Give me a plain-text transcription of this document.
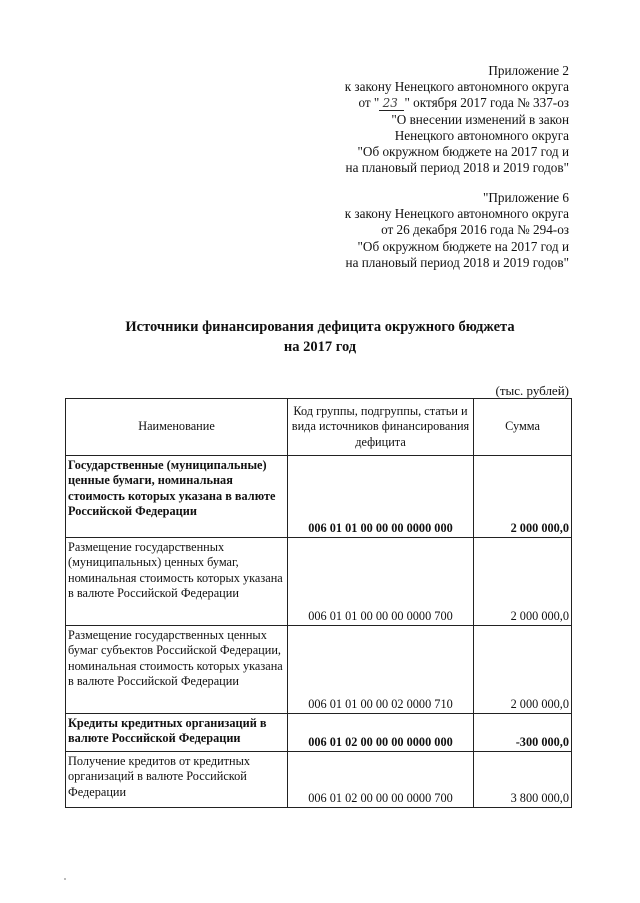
Приложение 2
к закону Ненецкого автономного округа
от " 23 " октября 2017 года № 337-оз
"О внесении изменений в закон
Ненецкого автономного округа
"Об окружном бюджете на 2017 год и
на плановый период 2018 и 2019 годов"
"Приложение 6
к закону Ненецкого автономного округа
от 26 декабря 2016 года № 294-оз
"Об окружном бюджете на 2017 год и
на плановый период 2018 и 2019 годов"
Источники финансирования дефицита окружного бюджета
на 2017 год
(тыс. рублей)
Наименование	Код группы, подгруппы, статьи и вида источников финансирования дефицита	Сумма
Государственные (муниципальные) ценные бумаги, номинальная стоимость которых указана в валюте Российской Федерации	006 01 01 00 00 00 0000 000	2 000 000,0
Размещение государственных (муниципальных) ценных бумаг, номинальная стоимость которых указана в валюте Российской Федерации	006 01 01 00 00 00 0000 700	2 000 000,0
Размещение государственных ценных бумаг субъектов Российской Федерации, номинальная стоимость которых указана в валюте Российской Федерации	006 01 01 00 00 02 0000 710	2 000 000,0
Кредиты кредитных организаций в валюте Российской Федерации	006 01 02 00 00 00 0000 000	-300 000,0
Получение кредитов от кредитных организаций в валюте Российской Федерации	006 01 02 00 00 00 0000 700	3 800 000,0
